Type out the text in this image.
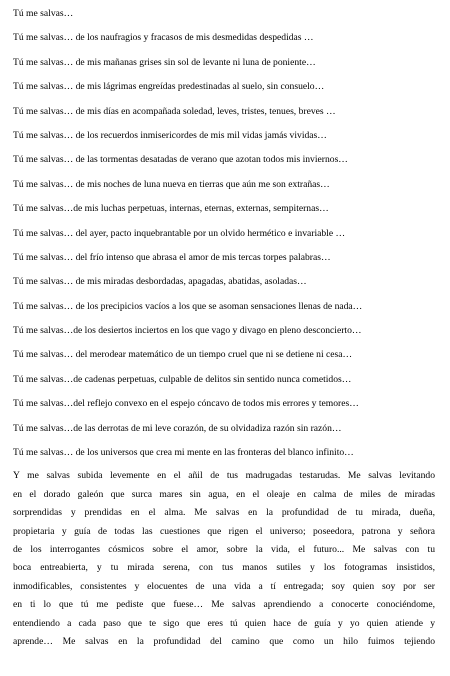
Tú me salvas…
Tú me salvas… de los naufragios y fracasos de mis desmedidas despedidas …
Tú me salvas… de mis mañanas grises sin sol de levante ni luna de poniente…
Tú me salvas… de mis lágrimas engreídas predestinadas al suelo, sin consuelo…
Tú me salvas… de mis días en acompañada soledad, leves, tristes, tenues, breves …
Tú me salvas… de los recuerdos inmisericordes de mis mil vidas jamás vividas…
Tú me salvas… de las tormentas desatadas de verano que azotan todos mis inviernos…
Tú me salvas… de mis noches de luna nueva en tierras que aún me son extrañas…
Tú me salvas…de mis luchas perpetuas, internas, eternas, externas, sempiternas…
Tú me salvas… del ayer, pacto inquebrantable por un olvido hermético e invariable …
Tú me salvas… del frío intenso que abrasa el amor de mis tercas torpes palabras…
Tú me salvas… de mis miradas desbordadas, apagadas, abatidas, asoladas…
Tú me salvas… de los precipicios vacíos a los que se asoman sensaciones llenas de nada…
Tú me salvas…de los desiertos inciertos en los que vago y divago en pleno desconcierto…
Tú me salvas… del merodear matemático de un tiempo cruel que ni se detiene ni cesa…
Tú me salvas…de cadenas perpetuas, culpable de delitos sin sentido nunca cometidos…
Tú me salvas…del reflejo convexo en el espejo cóncavo de todos mis errores y temores…
Tú me salvas…de las derrotas de mi leve corazón, de su olvidadiza razón sin razón…
Tú me salvas… de los universos que crea mi mente en las fronteras del blanco infinito…
Y me salvas subida levemente en el añil de tus madrugadas testarudas. Me salvas levitando
en el dorado galeón que surca mares sin agua, en el oleaje en calma de miles de miradas
sorprendidas y prendidas en el alma. Me salvas en la profundidad de tu mirada, dueña,
propietaria y guía de todas las cuestiones que rigen el universo; poseedora, patrona y señora
de los interrogantes cósmicos sobre el amor, sobre la vida, el futuro... Me salvas con tu
boca entreabierta, y tu mirada serena, con tus manos sutiles y los fotogramas insistidos,
inmodificables, consistentes y elocuentes de una vida a tí entregada; soy quien soy por ser
en ti lo que tú me pediste que fuese… Me salvas aprendiendo a conocerte conociéndome,
entendiendo a cada paso que te sigo que eres tú quien hace de guía y yo quien atiende y
aprende… Me salvas en la profundidad del camino que como un hilo fuimos tejiendo
